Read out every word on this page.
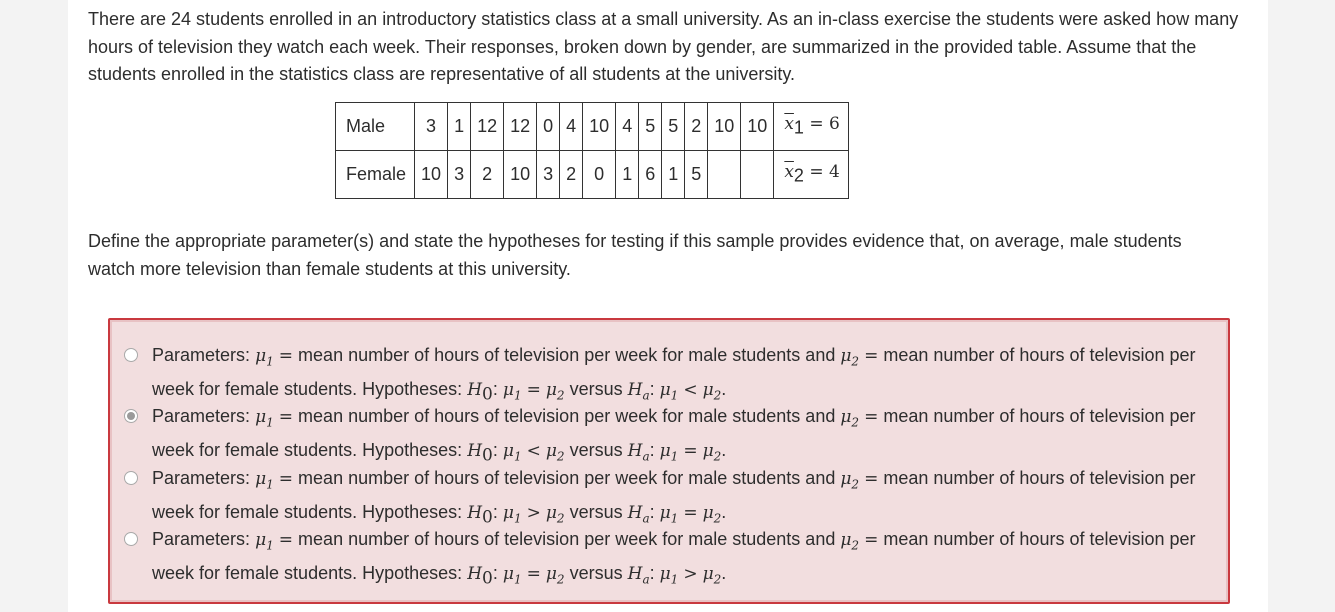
There are 24 students enrolled in an introductory statistics class at a small university. As an in-class exercise the students were asked how many hours of television they watch each week. Their responses, broken down by gender, are summarized in the provided table. Assume that the students enrolled in the statistics class are representative of all students at the university.

Male	3	1	12	12	0	4	10	4	5	5	2	10	10	$\overline{x}_1 = 6$
Female	10	3	2	10	3	2	0	1	6	1	5			$\overline{x}_2 = 4$

Define the appropriate parameter(s) and state the hypotheses for testing if this sample provides evidence that, on average, male students watch more television than female students at this university.

Parameters: $\mu_1$ = mean number of hours of television per week for male students and $\mu_2$ = mean number of hours of television per week for female students. Hypotheses: $H_0$: $\mu_1 = \mu_2$ versus $H_a$: $\mu_1 < \mu_2$.
Parameters: $\mu_1$ = mean number of hours of television per week for male students and $\mu_2$ = mean number of hours of television per week for female students. Hypotheses: $H_0$: $\mu_1 < \mu_2$ versus $H_a$: $\mu_1 = \mu_2$.
Parameters: $\mu_1$ = mean number of hours of television per week for male students and $\mu_2$ = mean number of hours of television per week for female students. Hypotheses: $H_0$: $\mu_1 > \mu_2$ versus $H_a$: $\mu_1 = \mu_2$.
Parameters: $\mu_1$ = mean number of hours of television per week for male students and $\mu_2$ = mean number of hours of television per week for female students. Hypotheses: $H_0$: $\mu_1 = \mu_2$ versus $H_a$: $\mu_1 > \mu_2$.
